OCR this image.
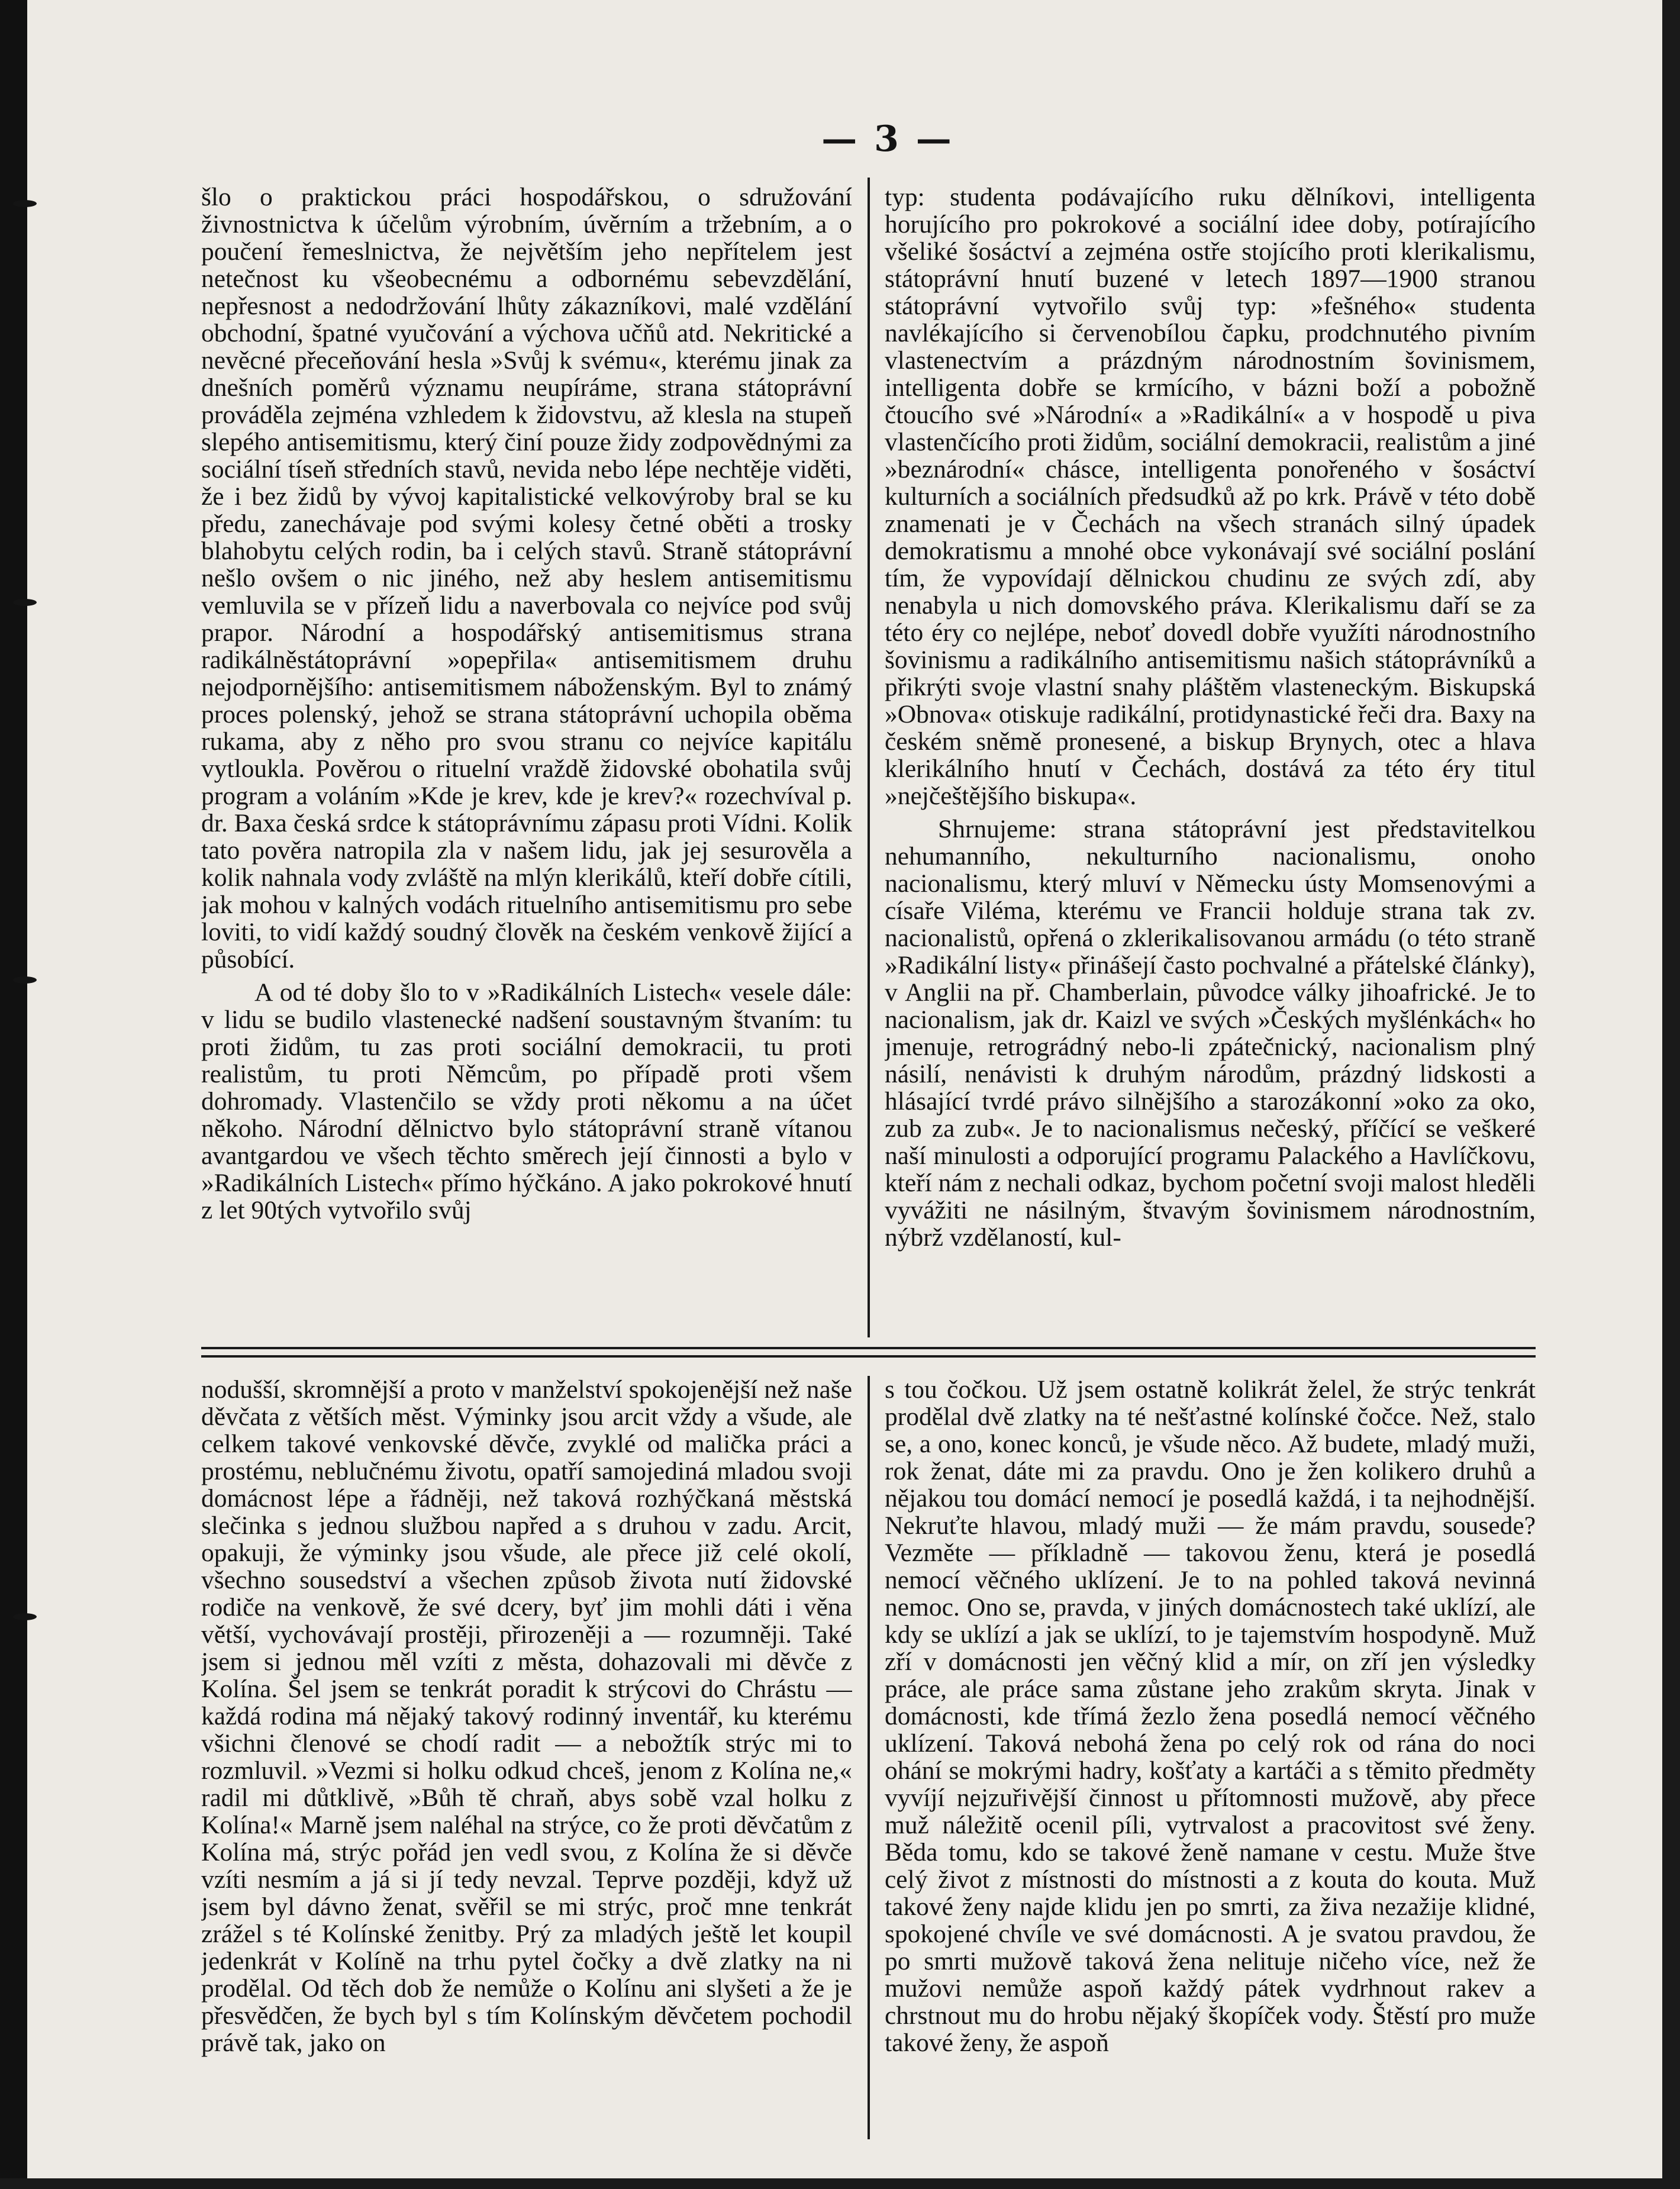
— 3 —

šlo o praktickou práci hospodářskou, o sdružování živnostnictva k účelům výrobním, úvěrním a tržebním, a o poučení řemeslnictva, že největším jeho nepřítelem jest netečnost ku všeobecnému a odbornému sebevzdělání, nepřesnost a nedodržování lhůty zákazníkovi, malé vzdělání obchodní, špatné vyučování a výchova učňů atd. Nekritické a nevěcné přeceňování hesla »Svůj k svému«, kterému jinak za dnešních poměrů významu neupíráme, strana státoprávní prováděla zejména vzhledem k židovstvu, až klesla na stupeň slepého antisemitismu, který činí pouze židy zodpovědnými za sociální tíseň středních stavů, nevida nebo lépe nechtěje viděti, že i bez židů by vývoj kapitalistické velkovýroby bral se ku předu, zanechávaje pod svými kolesy četné oběti a trosky blahobytu celých rodin, ba i celých stavů. Straně státoprávní nešlo ovšem o nic jiného, než aby heslem antisemitismu vemluvila se v přízeň lidu a naverbovala co nejvíce pod svůj prapor. Národní a hospodářský antisemitismus strana radikálněstátoprávní »opepřila« antisemitismem druhu nejodpornějšího: antisemitismem náboženským. Byl to známý proces polenský, jehož se strana státoprávní uchopila oběma rukama, aby z něho pro svou stranu co nejvíce kapitálu vytloukla. Pověrou o rituelní vraždě židovské obohatila svůj program a voláním »Kde je krev, kde je krev?« rozechvíval p. dr. Baxa česká srdce k státoprávnímu zápasu proti Vídni. Kolik tato pověra natropila zla v našem lidu, jak jej sesurověla a kolik nahnala vody zvláště na mlýn klerikálů, kteří dobře cítili, jak mohou v kalných vodách rituelního antisemitismu pro sebe loviti, to vidí každý soudný člověk na českém venkově žijící a působící.

A od té doby šlo to v »Radikálních Listech« vesele dále: v lidu se budilo vlastenecké nadšení soustavným štvaním: tu proti židům, tu zas proti sociální demokracii, tu proti realistům, tu proti Němcům, po případě proti všem dohromady. Vlastenčilo se vždy proti někomu a na účet někoho. Národní dělnictvo bylo státoprávní straně vítanou avantgardou ve všech těchto směrech její činnosti a bylo v »Radikálních Listech« přímo hýčkáno. A jako pokrokové hnutí z let 90tých vytvořilo svůj

typ: studenta podávajícího ruku dělníkovi, intelligenta horujícího pro pokrokové a sociální idee doby, potírajícího všeliké šosáctví a zejména ostře stojícího proti klerikalismu, státoprávní hnutí buzené v letech 1897—1900 stranou státoprávní vytvořilo svůj typ: »fešného« studenta navlékajícího si červenobílou čapku, prodchnutého pivním vlastenectvím a prázdným národnostním šovinismem, intelligenta dobře se krmícího, v bázni boží a pobožně čtoucího své »Národní« a »Radikální« a v hospodě u piva vlastenčícího proti židům, sociální demokracii, realistům a jiné »beznárodní« chásce, intelligenta ponořeného v šosáctví kulturních a sociálních předsudků až po krk. Právě v této době znamenati je v Čechách na všech stranách silný úpadek demokratismu a mnohé obce vykonávají své sociální poslání tím, že vypovídají dělnickou chudinu ze svých zdí, aby nenabyla u nich domovského práva. Klerikalismu daří se za této éry co nejlépe, neboť dovedl dobře využíti národnostního šovinismu a radikálního antisemitismu našich státoprávníků a přikrýti svoje vlastní snahy pláštěm vlasteneckým. Biskupská »Obnova« otiskuje radikální, protidynastické řeči dra. Baxy na českém sněmě pronesené, a biskup Brynych, otec a hlava klerikálního hnutí v Čechách, dostává za této éry titul »nejčeštějšího biskupa«.

Shrnujeme: strana státoprávní jest představitelkou nehumanního, nekulturního nacionalismu, onoho nacionalismu, který mluví v Německu ústy Momsenovými a císaře Viléma, kterému ve Francii holduje strana tak zv. nacionalistů, opřená o zklerikalisovanou armádu (o této straně »Radikální listy« přinášejí často pochvalné a přátelské články), v Anglii na př. Chamberlain, původce války jihoafrické. Je to nacionalism, jak dr. Kaizl ve svých »Českých myšlénkách« ho jmenuje, retrográdný nebo-li zpátečnický, nacionalism plný násilí, nenávisti k druhým národům, prázdný lidskosti a hlásající tvrdé právo silnějšího a starozákonní »oko za oko, zub za zub«. Je to nacionalismus nečeský, příčící se veškeré naší minulosti a odporující programu Palackého a Havlíčkovu, kteří nám z nechali odkaz, bychom početní svoji malost hleděli vyvážiti ne násilným, štvavým šovinismem národnostním, nýbrž vzdělaností, kul-

nodušší, skromnější a proto v manželství spokojenější než naše děvčata z větších měst. Výminky jsou arcit vždy a všude, ale celkem takové venkovské děvče, zvyklé od malička práci a prostému, neblučnému životu, opatří samojediná mladou svoji domácnost lépe a řádněji, než taková rozhýčkaná městská slečinka s jednou službou napřed a s druhou v zadu. Arcit, opakuji, že výminky jsou všude, ale přece již celé okolí, všechno sousedství a všechen způsob života nutí židovské rodiče na venkově, že své dcery, byť jim mohli dáti i věna větší, vychovávají prostěji, přirozeněji a — rozumněji. Také jsem si jednou měl vzíti z města, dohazovali mi děvče z Kolína. Šel jsem se tenkrát poradit k strýcovi do Chrástu — každá rodina má nějaký takový rodinný inventář, ku kterému všichni členové se chodí radit — a nebožtík strýc mi to rozmluvil. »Vezmi si holku odkud chceš, jenom z Kolína ne,« radil mi důtklivě, »Bůh tě chraň, abys sobě vzal holku z Kolína!« Marně jsem naléhal na strýce, co že proti děvčatům z Kolína má, strýc pořád jen vedl svou, z Kolína že si děvče vzíti nesmím a já si jí tedy nevzal. Teprve později, když už jsem byl dávno ženat, svěřil se mi strýc, proč mne tenkrát zrážel s té Kolínské ženitby. Prý za mladých ještě let koupil jedenkrát v Kolíně na trhu pytel čočky a dvě zlatky na ni prodělal. Od těch dob že nemůže o Kolínu ani slyšeti a že je přesvědčen, že bych byl s tím Kolínským děvčetem pochodil právě tak, jako on

s tou čočkou. Už jsem ostatně kolikrát želel, že strýc tenkrát prodělal dvě zlatky na té nešťastné kolínské čočce. Než, stalo se, a ono, konec konců, je všude něco. Až budete, mladý muži, rok ženat, dáte mi za pravdu. Ono je žen kolikero druhů a nějakou tou domácí nemocí je posedlá každá, i ta nejhodnější. Nekruťte hlavou, mladý muži — že mám pravdu, sousede? Vezměte — příkladně — takovou ženu, která je posedlá nemocí věčného uklízení. Je to na pohled taková nevinná nemoc. Ono se, pravda, v jiných domácnostech také uklízí, ale kdy se uklízí a jak se uklízí, to je tajemstvím hospodyně. Muž zří v domácnosti jen věčný klid a mír, on zří jen výsledky práce, ale práce sama zůstane jeho zrakům skryta. Jinak v domácnosti, kde třímá žezlo žena posedlá nemocí věčného uklízení. Taková nebohá žena po celý rok od rána do noci ohání se mokrými hadry, košťaty a kartáči a s těmito předměty vyvíjí nejzuřivější činnost u přítomnosti mužově, aby přece muž náležitě ocenil píli, vytrvalost a pracovitost své ženy. Běda tomu, kdo se takové ženě namane v cestu. Muže štve celý život z místnosti do místnosti a z kouta do kouta. Muž takové ženy najde klidu jen po smrti, za živa nezažije klidné, spokojené chvíle ve své domácnosti. A je svatou pravdou, že po smrti mužově taková žena nelituje ničeho více, než že mužovi nemůže aspoň každý pátek vydrhnout rakev a chrstnout mu do hrobu nějaký škopíček vody. Štěstí pro muže takové ženy, že aspoň
